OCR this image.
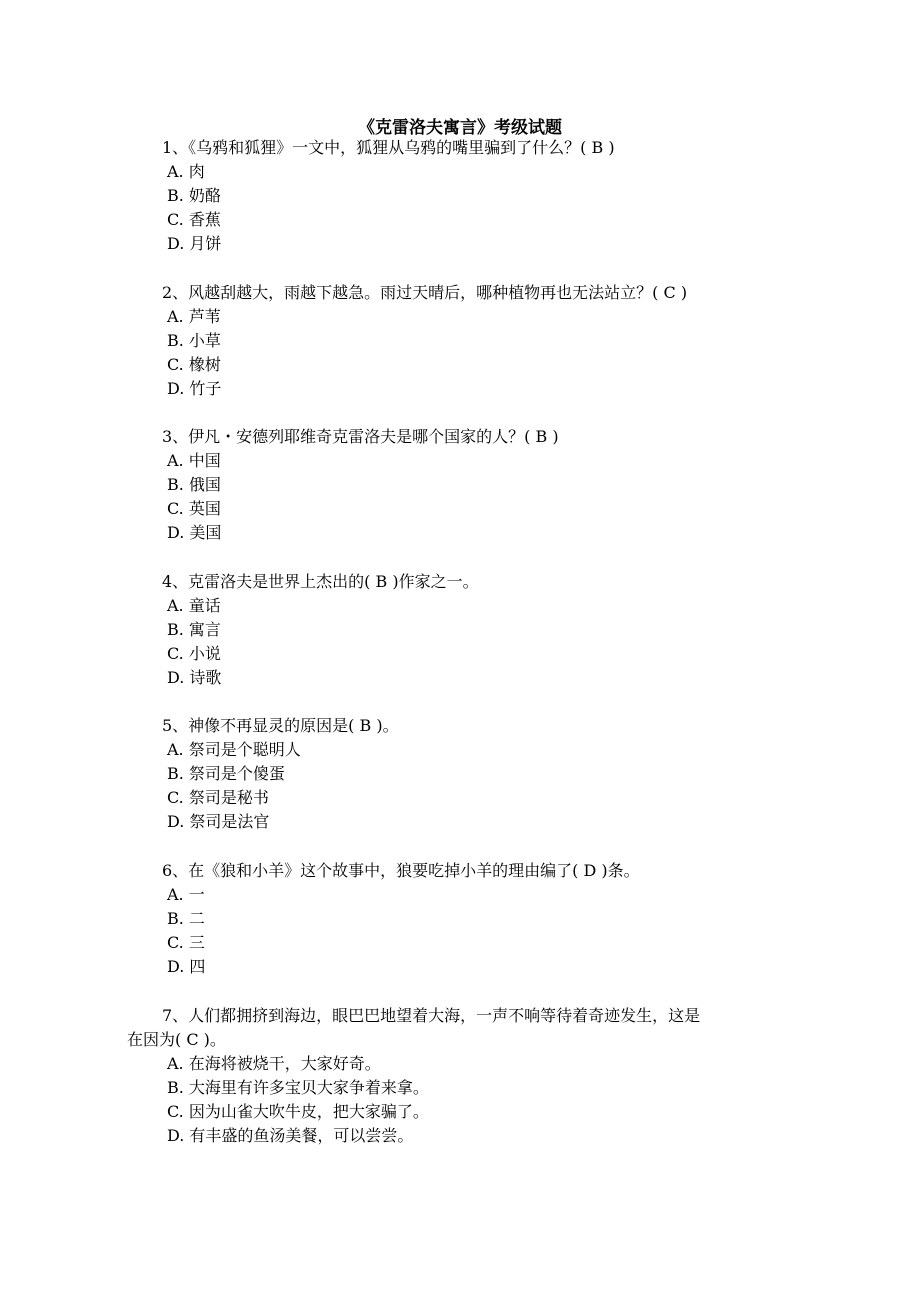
《克雷洛夫寓言》考级试题
1、《乌鸦和狐狸》一文中，狐狸从乌鸦的嘴里骗到了什么？( B )
A. 肉
B. 奶酪
C. 香蕉
D. 月饼
2、风越刮越大，雨越下越急。雨过天晴后，哪种植物再也无法站立？( C )
A. 芦苇
B. 小草
C. 橡树
D. 竹子
3、伊凡・安德列耶维奇克雷洛夫是哪个国家的人？( B )
A. 中国
B. 俄国
C. 英国
D. 美国
4、克雷洛夫是世界上杰出的( B )作家之一。
A. 童话
B. 寓言
C. 小说
D. 诗歌
5、神像不再显灵的原因是( B )。
A. 祭司是个聪明人
B. 祭司是个傻蛋
C. 祭司是秘书
D. 祭司是法官
6、在《狼和小羊》这个故事中，狼要吃掉小羊的理由编了( D )条。
A. 一
B. 二
C. 三
D. 四
7、人们都拥挤到海边，眼巴巴地望着大海，一声不响等待着奇迹发生，这是
在因为( C )。
A. 在海将被烧干，大家好奇。
B. 大海里有许多宝贝大家争着来拿。
C. 因为山雀大吹牛皮，把大家骗了。
D. 有丰盛的鱼汤美餐，可以尝尝。
